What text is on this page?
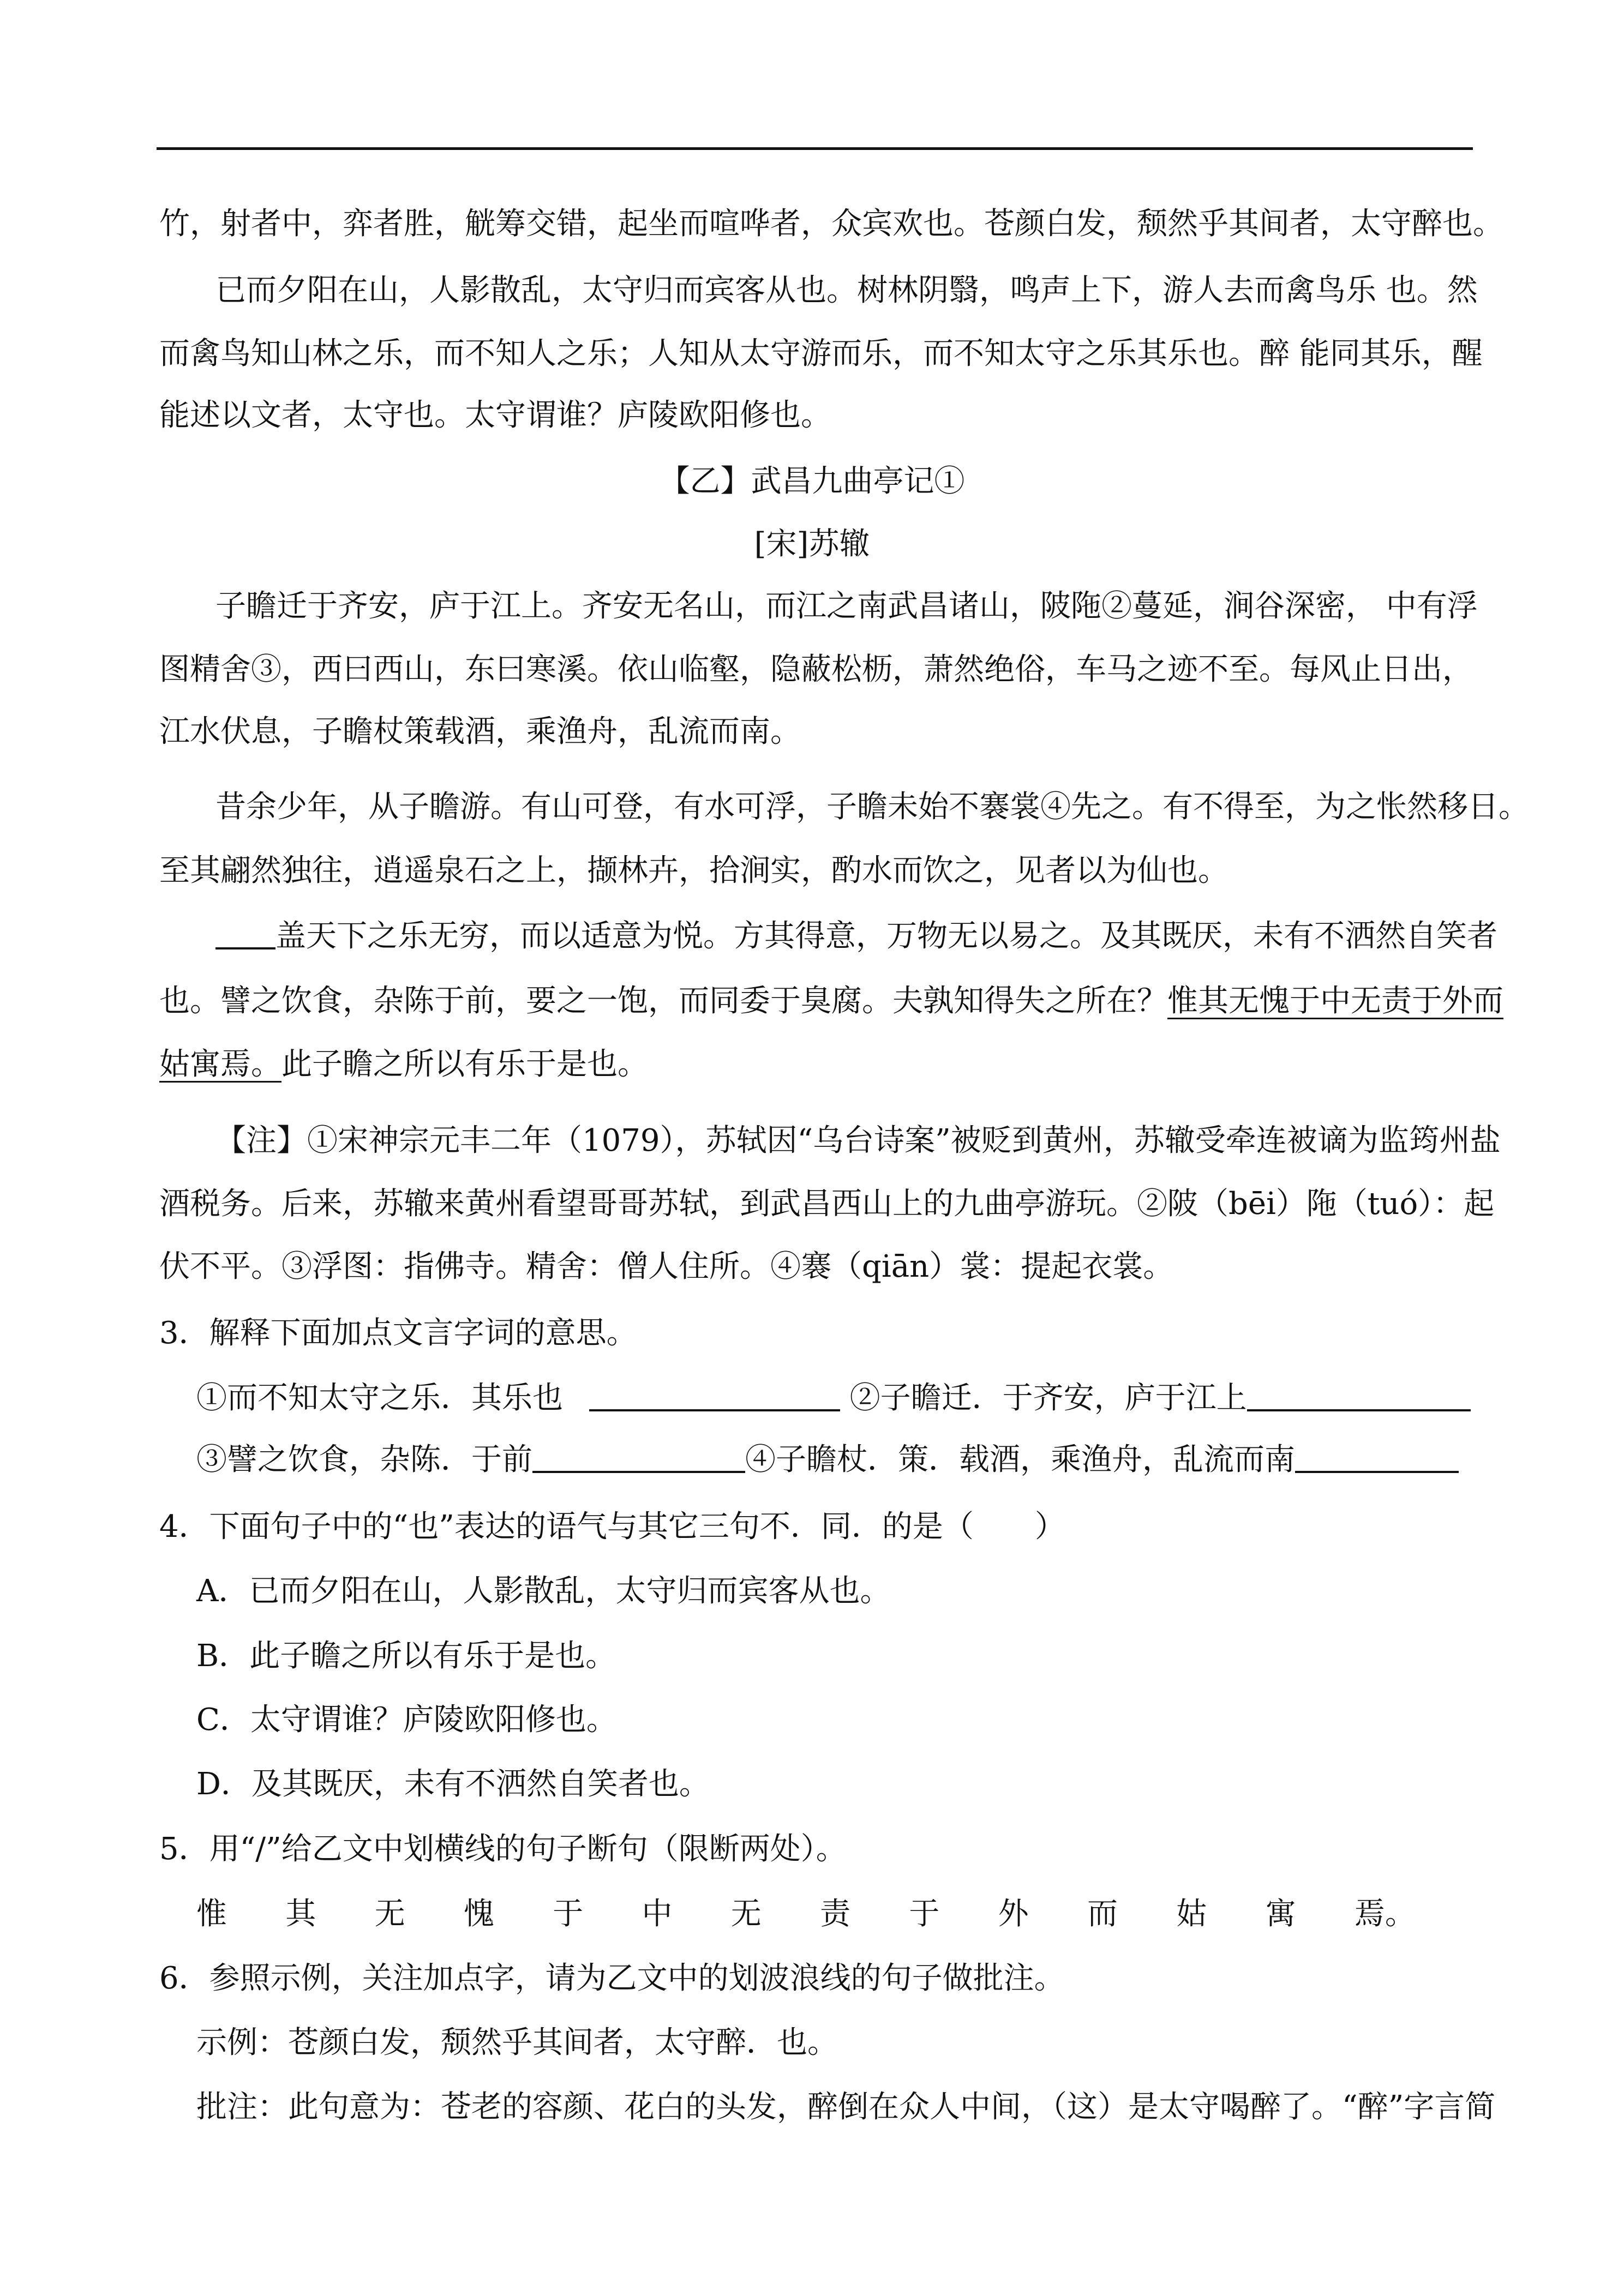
竹，射者中，弈者胜，觥筹交错，起坐而喧哗者，众宾欢也。苍颜白发，颓然乎其间者，太守醉也。
已而夕阳在山，人影散乱，太守归而宾客从也。树林阴翳，鸣声上下，游人去而禽鸟乐 也。然
而禽鸟知山林之乐，而不知人之乐；人知从太守游而乐，而不知太守之乐其乐也。醉 能同其乐，醒
能述以文者，太守也。太守谓谁？庐陵欧阳修也。
【乙】武昌九曲亭记①
[宋]苏辙
子瞻迁于齐安，庐于江上。齐安无名山，而江之南武昌诸山，陂陁②蔓延，涧谷深密， 中有浮
图精舍③，西曰西山，东曰寒溪。依山临壑，隐蔽松枥，萧然绝俗，车马之迹不至。每风止日出，
江水伏息，子瞻杖策载酒，乘渔舟，乱流而南。
昔余少年，从子瞻游。有山可登，有水可浮，子瞻未始不褰裳④先之。有不得至，为之怅然移日。
至其翩然独往，逍遥泉石之上，撷林卉，拾涧实，酌水而饮之，见者以为仙也。
盖天下之乐无穷，而以适意为悦。方其得意，万物无以易之。及其既厌，未有不洒然自笑者
也。譬之饮食，杂陈于前，要之一饱，而同委于臭腐。夫孰知得失之所在？惟其无愧于中无责于外而
姑寓焉。此子瞻之所以有乐于是也。
【注】①宋神宗元丰二年（1079），苏轼因“乌台诗案”被贬到黄州，苏辙受牵连被谪为监筠州盐
酒税务。后来，苏辙来黄州看望哥哥苏轼，到武昌西山上的九曲亭游玩。②陂（bēi）陁（tuó）：起
伏不平。③浮图：指佛寺。精舍：僧人住所。④褰（qiān）裳：提起衣裳。
3．解释下面加点文言字词的意思。
①而不知太守之乐．其乐也	②子瞻迁．于齐安，庐于江上
③譬之饮食，杂陈．于前	④子瞻杖．策．载酒，乘渔舟，乱流而南
4．下面句子中的“也”表达的语气与其它三句不．同．的是（　　）
A．已而夕阳在山，人影散乱，太守归而宾客从也。
B．此子瞻之所以有乐于是也。
C．太守谓谁？庐陵欧阳修也。
D．及其既厌，未有不洒然自笑者也。
5．用“/”给乙文中划横线的句子断句（限断两处）。
惟 其 无 愧 于 中 无 责 于 外 而 姑 寓 焉。
6．参照示例，关注加点字，请为乙文中的划波浪线的句子做批注。
示例：苍颜白发，颓然乎其间者，太守醉．也。
批注：此句意为：苍老的容颜、花白的头发，醉倒在众人中间，（这）是太守喝醉了。“醉”字言简
